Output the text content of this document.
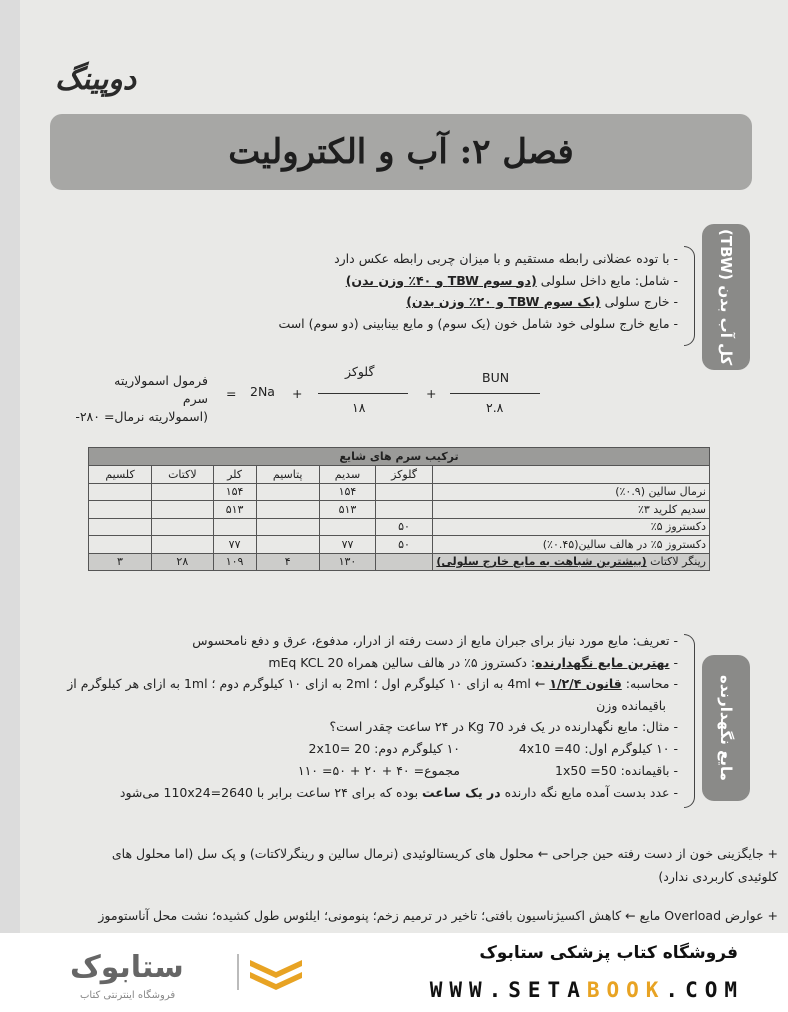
دوپینگ
فصل ۲: آب و الکترولیت
کل آب بدن (TBW)
- با توده عضلانی رابطه مستقیم و با میزان چربی رابطه عکس دارد
- شامل: مایع داخل سلولی (دو سوم TBW و ۴۰٪ وزن بدن)
- خارج سلولی (یک سوم TBW و ۲۰٪ وزن بدن)
- مایع خارج سلولی خود شامل خون (یک سوم) و مایع بینابینی (دو سوم) است
فرمول اسمولاریته سرم
(اسمولاریته نرمال= ۲۸۰-
= 2Na +
گلوکز
۱۸
+
BUN
۲.۸
ترکیب سرم های شایع						
	گلوکز	سدیم	پتاسیم	کلر	لاکتات	کلسیم
نرمال سالین (۰.۹٪)		۱۵۴		۱۵۴		
سدیم کلرید ۳٪		۵۱۳		۵۱۳		
دکستروز ۵٪	۵۰					
دکستروز ۵٪ در هالف سالین(۰.۴۵٪)	۵۰	۷۷		۷۷		
رینگر لاکتات (بیشترین شباهت به مایع خارج سلولی)		۱۳۰	۴	۱۰۹	۲۸	۳
مایع نگهدارنده
- تعریف: مایع مورد نیاز برای جبران مایع از دست رفته از ادرار، مدفوع، عرق و دفع نامحسوس
- بهترین مایع نگهدارنده: دکستروز ۵٪ در هالف سالین همراه 20 mEq KCL
- محاسبه: قانون ۱/۲/۴ ← 4ml به ازای ۱۰ کیلوگرم اول ؛ 2ml به ازای ۱۰ کیلوگرم دوم ؛ 1ml به ازای هر کیلوگرم از
باقیمانده وزن
- مثال: مایع نگهدارنده در یک فرد 70 Kg در ۲۴ ساعت چقدر است؟
- ۱۰ کیلوگرم اول: 40= 4x10
۱۰ کیلوگرم دوم: 20 =2x10
- باقیمانده: 50= 1x50
مجموع= ۴۰ + ۲۰ + ۵۰= ۱۱۰
- عدد بدست آمده مایع نگه دارنده در یک ساعت بوده که برای ۲۴ ساعت برابر با 110x24=2640 می‌شود
+ جایگزینی خون از دست رفته حین جراحی ← محلول های کریستالوئیدی (نرمال سالین و رینگرلاکتات) و پک سل (اما محلول های
کلوئیدی کاربردی ندارد)
+ عوارض Overload مایع ← کاهش اکسیژناسیون بافتی؛ تاخیر در ترمیم زخم؛ پنومونی؛ ایلئوس طول کشیده؛ نشت محل آناستوموز
ستابوک
فروشگاه اینترنتی کتاب
فروشگاه کتاب پزشکی ستابوک
WWW.SETABOOK.COM
